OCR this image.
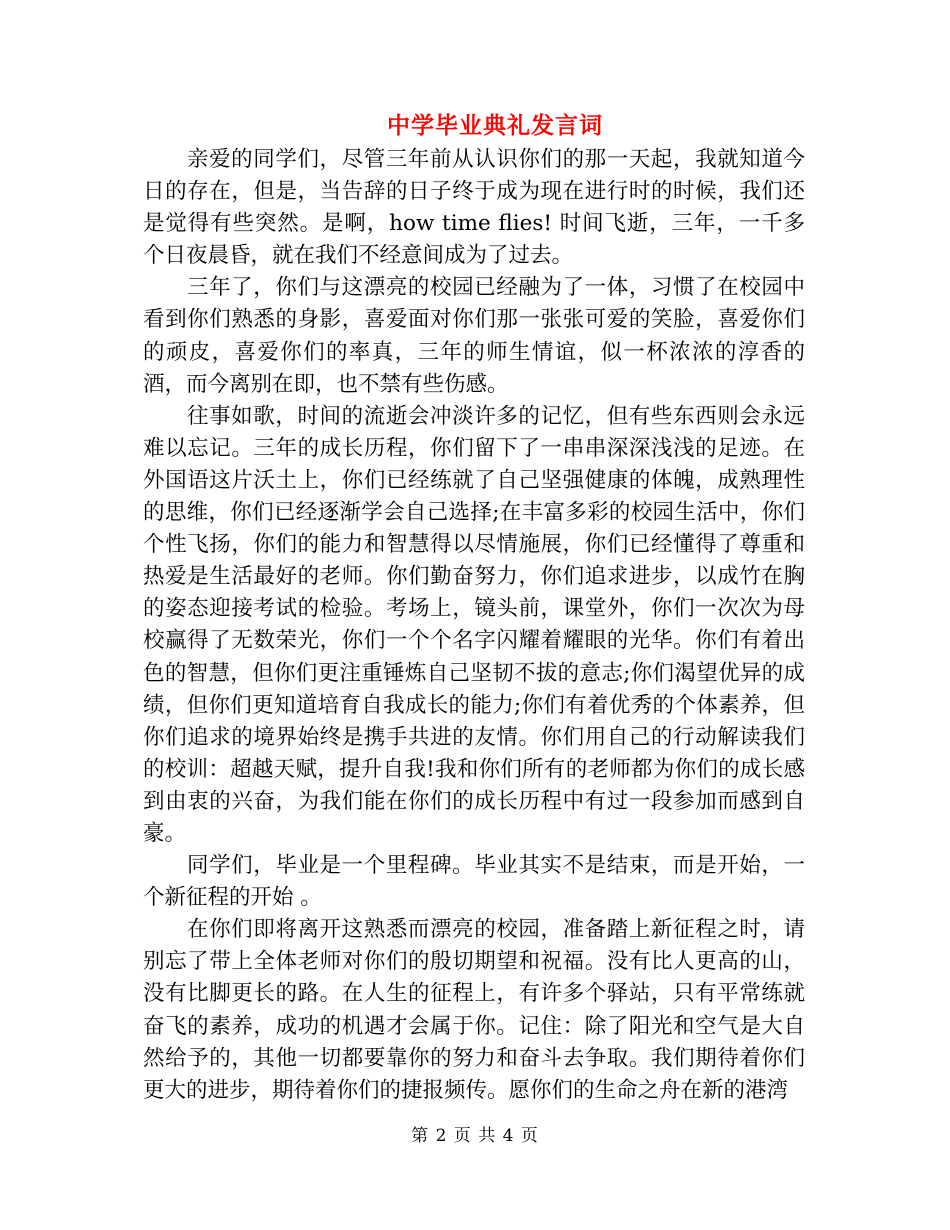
中学毕业典礼发言词

亲爱的同学们，尽管三年前从认识你们的那一天起，我就知道今日的存在，但是，当告辞的日子终于成为现在进行时的时候，我们还是觉得有些突然。是啊，how time flies! 时间飞逝，三年，一千多个日夜晨昏，就在我们不经意间成为了过去。

三年了，你们与这漂亮的校园已经融为了一体，习惯了在校园中看到你们熟悉的身影，喜爱面对你们那一张张可爱的笑脸，喜爱你们的顽皮，喜爱你们的率真，三年的师生情谊，似一杯浓浓的淳香的酒，而今离别在即，也不禁有些伤感。

往事如歌，时间的流逝会冲淡许多的记忆，但有些东西则会永远难以忘记。三年的成长历程，你们留下了一串串深深浅浅的足迹。在外国语这片沃土上，你们已经练就了自己坚强健康的体魄，成熟理性的思维，你们已经逐渐学会自己选择;在丰富多彩的校园生活中，你们个性飞扬，你们的能力和智慧得以尽情施展，你们已经懂得了尊重和热爱是生活最好的老师。你们勤奋努力，你们追求进步，以成竹在胸的姿态迎接考试的检验。考场上，镜头前，课堂外，你们一次次为母校赢得了无数荣光，你们一个个名字闪耀着耀眼的光华。你们有着出色的智慧，但你们更注重锤炼自己坚韧不拔的意志;你们渴望优异的成绩，但你们更知道培育自我成长的能力;你们有着优秀的个体素养，但你们追求的境界始终是携手共进的友情。你们用自己的行动解读我们的校训：超越天赋，提升自我!我和你们所有的老师都为你们的成长感到由衷的兴奋，为我们能在你们的成长历程中有过一段参加而感到自豪。

同学们，毕业是一个里程碑。毕业其实不是结束，而是开始，一个新征程的开始 。

在你们即将离开这熟悉而漂亮的校园，准备踏上新征程之时，请别忘了带上全体老师对你们的殷切期望和祝福。没有比人更高的山，没有比脚更长的路。在人生的征程上，有许多个驿站，只有平常练就奋飞的素养，成功的机遇才会属于你。记住：除了阳光和空气是大自然给予的，其他一切都要靠你的努力和奋斗去争取。我们期待着你们更大的进步，期待着你们的捷报频传。愿你们的生命之舟在新的港湾

第 2 页 共 4 页
